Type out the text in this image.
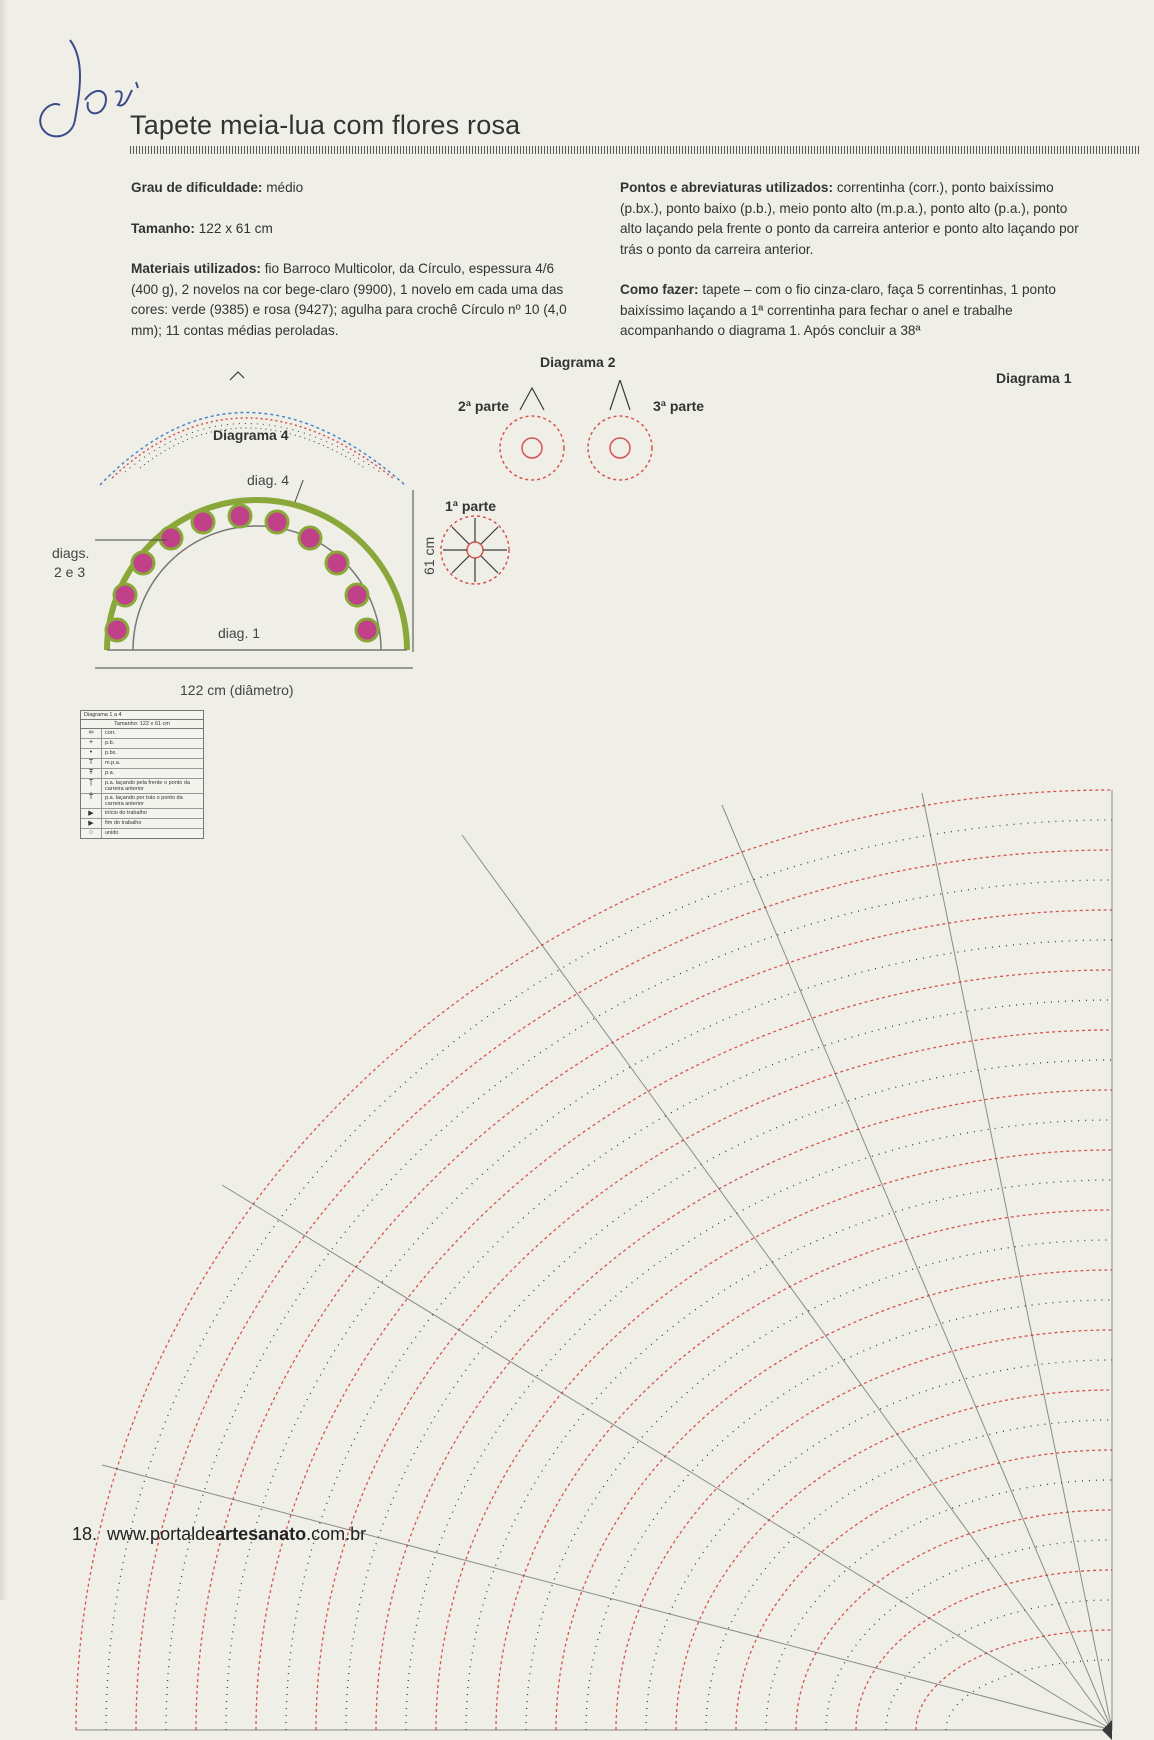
Tapete meia-lua com flores rosa

Grau de dificuldade: médio

Tamanho: 122 x 61 cm

Materiais utilizados: fio Barroco Multicolor, da Círculo, espessura 4/6 (400 g), 2 novelos na cor bege-claro (9900), 1 novelo em cada uma das cores: verde (9385) e rosa (9427); agulha para crochê Círculo nº 10 (4,0 mm); 11 contas médias peroladas.

Pontos e abreviaturas utilizados: correntinha (corr.), ponto baixíssimo (p.bx.), ponto baixo (p.b.), meio ponto alto (m.p.a.), ponto alto (p.a.), ponto alto laçando pela frente o ponto da carreira anterior e ponto alto laçando por trás o ponto da carreira anterior.

Como fazer: tapete – com o fio cinza-claro, faça 5 correntinhas, 1 ponto baixíssimo laçando a 1ª correntinha para fechar o anel e trabalhe acompanhando o diagrama 1. Após concluir a 38ª

Diagrama 2
Diagrama 1
Diagrama 4
2ª parte	3ª parte
1ª parte
diag. 4
diags.
2 e 3
diag. 1
61 cm
122 cm (diâmetro)
Diagrama 1 a 4
Tamanho: 122 x 61 cm
∞	corr.
+	p.b.
•	p.bx.
T	m.p.a.
Ŧ	p.a.
Ţ	p.a. laçando pela frente o ponto da carreira anterior
Ť	p.a. laçando por trás o ponto da carreira anterior
▶	início do trabalho
▶	fim do trabalho
○	unido
18. www.portaldeartesanato.com.br
